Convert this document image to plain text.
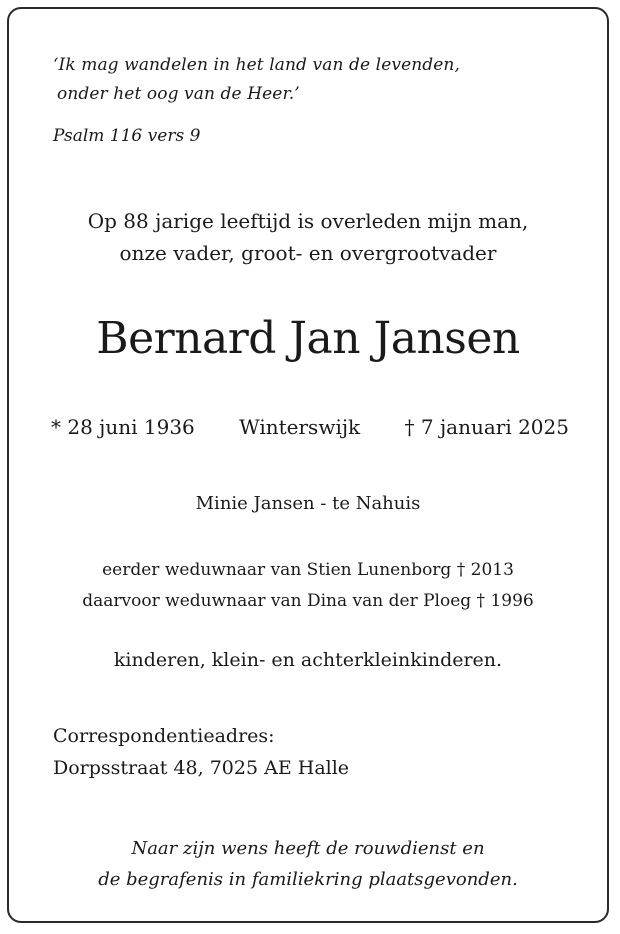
‘Ik mag wandelen in het land van de levenden,
onder het oog van de Heer.’
Psalm 116 vers 9
Op 88 jarige leeftijd is overleden mijn man,
onze vader, groot- en overgrootvader
Bernard Jan Jansen
* 28 juni 1936 Winterswijk † 7 januari 2025
Minie Jansen - te Nahuis
eerder weduwnaar van Stien Lunenborg † 2013
daarvoor weduwnaar van Dina van der Ploeg † 1996
kinderen, klein- en achterkleinkinderen.
Correspondentieadres:
Dorpsstraat 48, 7025 AE Halle
Naar zijn wens heeft de rouwdienst en
de begrafenis in familiekring plaatsgevonden.
